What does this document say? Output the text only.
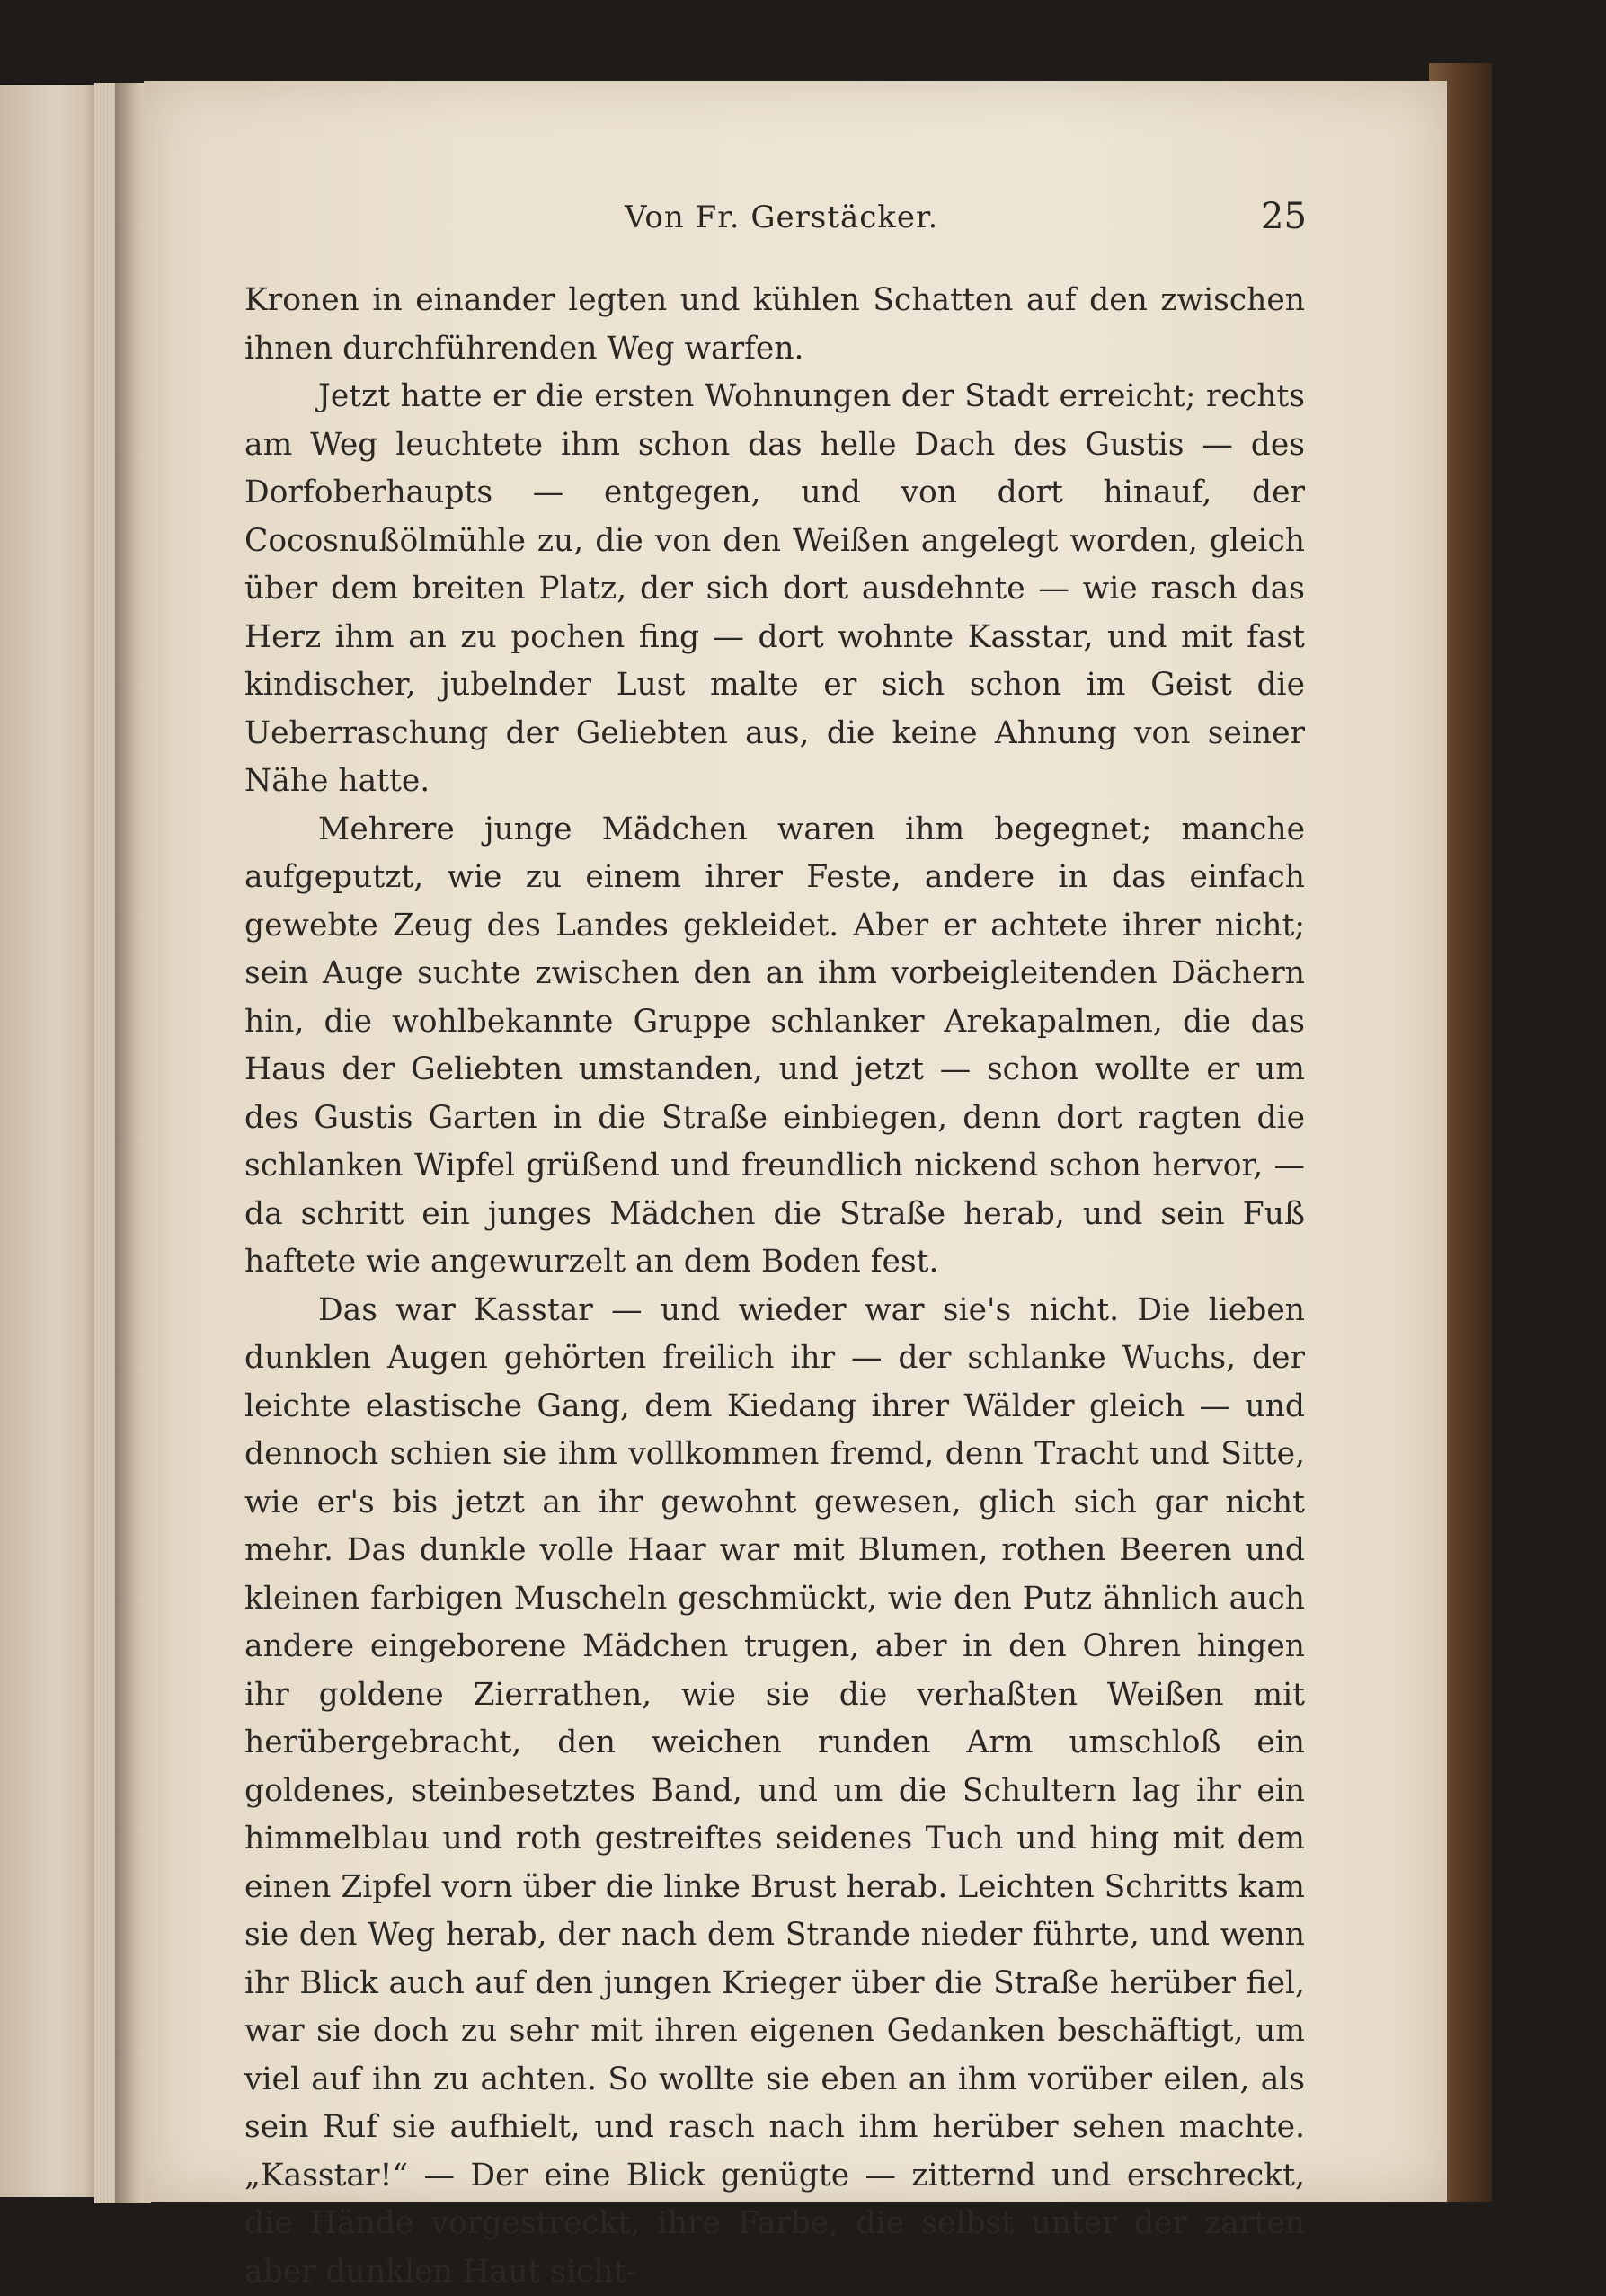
Von Fr. Gerstäcker.	25

Kronen in einander legten und kühlen Schatten auf den zwischen ihnen durchführenden Weg warfen.

Jetzt hatte er die ersten Wohnungen der Stadt erreicht; rechts am Weg leuchtete ihm schon das helle Dach des Gustis — des Dorfoberhaupts — entgegen, und von dort hinauf, der Cocosnußölmühle zu, die von den Weißen angelegt worden, gleich über dem breiten Platz, der sich dort ausdehnte — wie rasch das Herz ihm an zu pochen fing — dort wohnte Kasstar, und mit fast kindischer, jubelnder Lust malte er sich schon im Geist die Ueberraschung der Geliebten aus, die keine Ahnung von seiner Nähe hatte.

Mehrere junge Mädchen waren ihm begegnet; manche aufgeputzt, wie zu einem ihrer Feste, andere in das einfach gewebte Zeug des Landes gekleidet. Aber er achtete ihrer nicht; sein Auge suchte zwischen den an ihm vorbeigleitenden Dächern hin, die wohlbekannte Gruppe schlanker Arekapalmen, die das Haus der Geliebten umstanden, und jetzt — schon wollte er um des Gustis Garten in die Straße einbiegen, denn dort ragten die schlanken Wipfel grüßend und freundlich nickend schon hervor, — da schritt ein junges Mädchen die Straße herab, und sein Fuß haftete wie angewurzelt an dem Boden fest.

Das war Kasstar — und wieder war sie's nicht. Die lieben dunklen Augen gehörten freilich ihr — der schlanke Wuchs, der leichte elastische Gang, dem Kiedang ihrer Wälder gleich — und dennoch schien sie ihm vollkommen fremd, denn Tracht und Sitte, wie er's bis jetzt an ihr gewohnt gewesen, glich sich gar nicht mehr. Das dunkle volle Haar war mit Blumen, rothen Beeren und kleinen farbigen Muscheln geschmückt, wie den Putz ähnlich auch andere eingeborene Mädchen trugen, aber in den Ohren hingen ihr goldene Zierrathen, wie sie die verhaßten Weißen mit herübergebracht, den weichen runden Arm umschloß ein goldenes, steinbesetztes Band, und um die Schultern lag ihr ein himmelblau und roth gestreiftes seidenes Tuch und hing mit dem einen Zipfel vorn über die linke Brust herab. Leichten Schritts kam sie den Weg herab, der nach dem Strande nieder führte, und wenn ihr Blick auch auf den jungen Krieger über die Straße herüber fiel, war sie doch zu sehr mit ihren eigenen Gedanken beschäftigt, um viel auf ihn zu achten. So wollte sie eben an ihm vorüber eilen, als sein Ruf sie aufhielt, und rasch nach ihm herüber sehen machte. „Kasstar!“ — Der eine Blick genügte — zitternd und erschreckt, die Hände vorgestreckt, ihre Farbe, die selbst unter der zarten aber dunklen Haut sicht-
